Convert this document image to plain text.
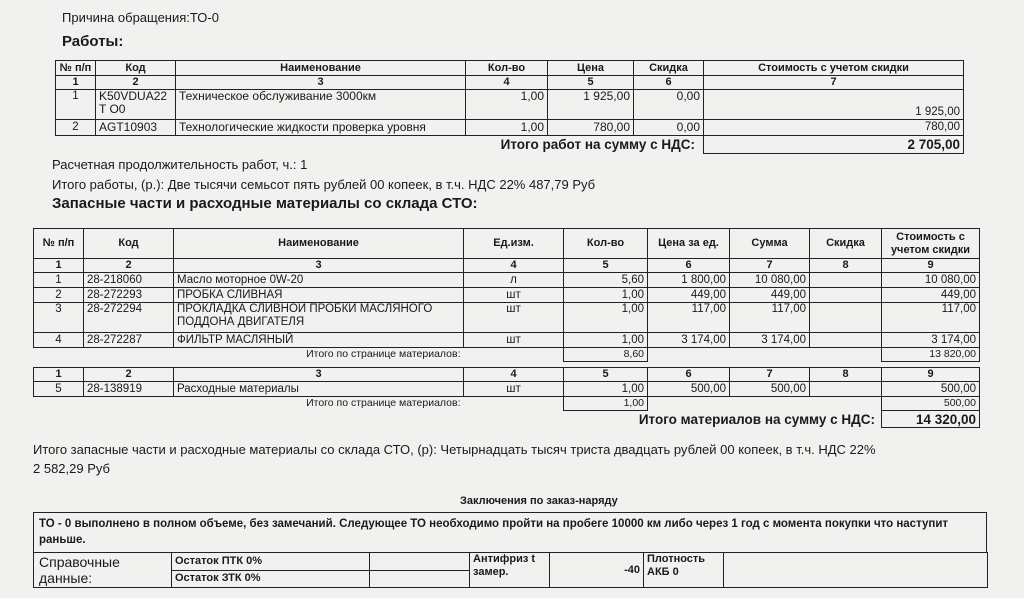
Причина обращения:ТО-0
Работы:
№ п/п	Код	Наименование	Кол-во	Цена	Скидка	Стоимость с учетом скидки
1	2	3	4	5	6	7
1	K50VDUA22T O0	Техническое обслуживание 3000км	1,00	1 925,00	0,00	1 925,00
2	AGT10903	Технологические жидкости проверка уровня	1,00	780,00	0,00	780,00
Итого работ на сумму с НДС:						2 705,00
Расчетная продолжительность работ, ч.: 1
Итого работы, (р.): Две тысячи семьсот пять рублей 00 копеек, в т.ч. НДС 22% 487,79 Руб
Запасные части и расходные материалы со склада СТО:
№ п/п	Код	Наименование	Ед.изм.	Кол-во	Цена за ед.	Сумма	Скидка	Стоимость с учетом скидки
1	2	3	4	5	6	7	8	9
1	28-218060	Масло моторное 0W-20	л	5,60	1 800,00	10 080,00		10 080,00
2	28-272293	ПРОБКА СЛИВНАЯ	шт	1,00	449,00	449,00		449,00
3	28-272294	ПРОКЛАДКА СЛИВНОЙ ПРОБКИ МАСЛЯНОГО ПОДДОНА ДВИГАТЕЛЯ	шт	1,00	117,00	117,00		117,00
4	28-272287	ФИЛЬТР МАСЛЯНЫЙ	шт	1,00	3 174,00	3 174,00		3 174,00
Итого по странице материалов:				8,60				13 820,00

1	2	3	4	5	6	7	8	9
5	28-138919	Расходные материалы	шт	1,00	500,00	500,00		500,00
Итого по странице материалов:				1,00				500,00
Итого материалов на сумму с НДС:								14 320,00
Итого запасные части и расходные материалы со склада СТО, (р): Четырнадцать тысяч триста двадцать рублей 00 копеек, в т.ч. НДС 22%
2 582,29 Руб
Заключения по заказ-наряду
ТО - 0 выполнено в полном объеме, без замечаний. Следующее ТО необходимо пройти на пробеге 10000 км либо через 1 год с момента покупки что наступит раньше.
Справочные данные:	Остаток ПТК 0%		Антифриз t замер.	-40	Плотность АКБ 0	
	Остаток ЗТК 0%					
